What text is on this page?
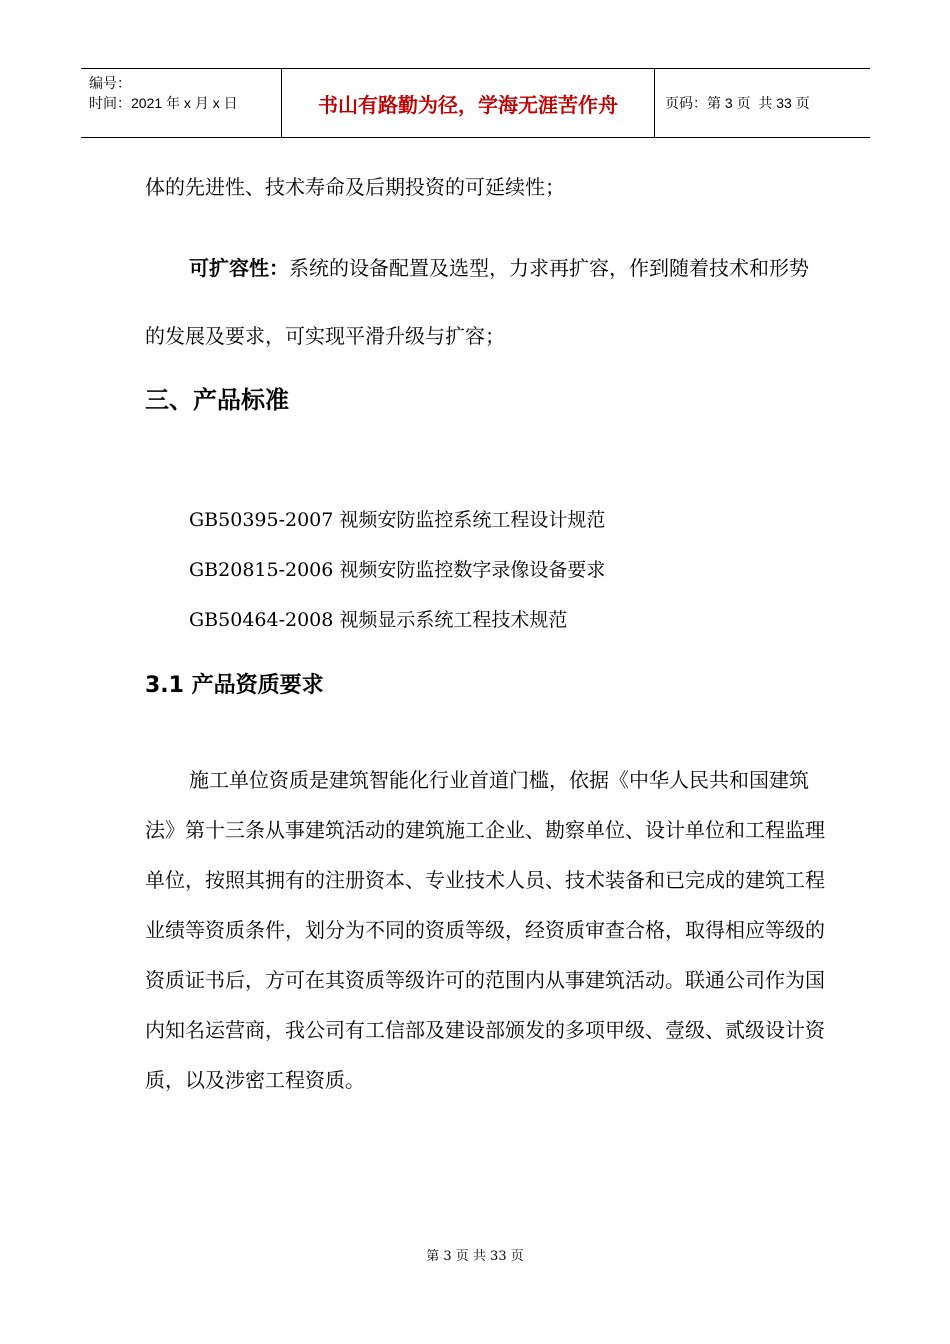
编号：
时间：2021 年 x 月 x 日	书山有路勤为径，学海无涯苦作舟	页码：第 3 页  共 33 页

体的先进性、技术寿命及后期投资的可延续性；

可扩容性：系统的设备配置及选型，力求再扩容，作到随着技术和形势的发展及要求，可实现平滑升级与扩容；

三、产品标准
GB50395-2007 视频安防监控系统工程设计规范
GB20815-2006 视频安防监控数字录像设备要求
GB50464-2008 视频显示系统工程技术规范
3.1 产品资质要求

施工单位资质是建筑智能化行业首道门槛，依据《中华人民共和国建筑法》第十三条从事建筑活动的建筑施工企业、勘察单位、设计单位和工程监理单位，按照其拥有的注册资本、专业技术人员、技术装备和已完成的建筑工程业绩等资质条件，划分为不同的资质等级，经资质审查合格，取得相应等级的资质证书后，方可在其资质等级许可的范围内从事建筑活动。联通公司作为国内知名运营商，我公司有工信部及建设部颁发的多项甲级、壹级、贰级设计资质，以及涉密工程资质。

第 3 页 共 33 页
